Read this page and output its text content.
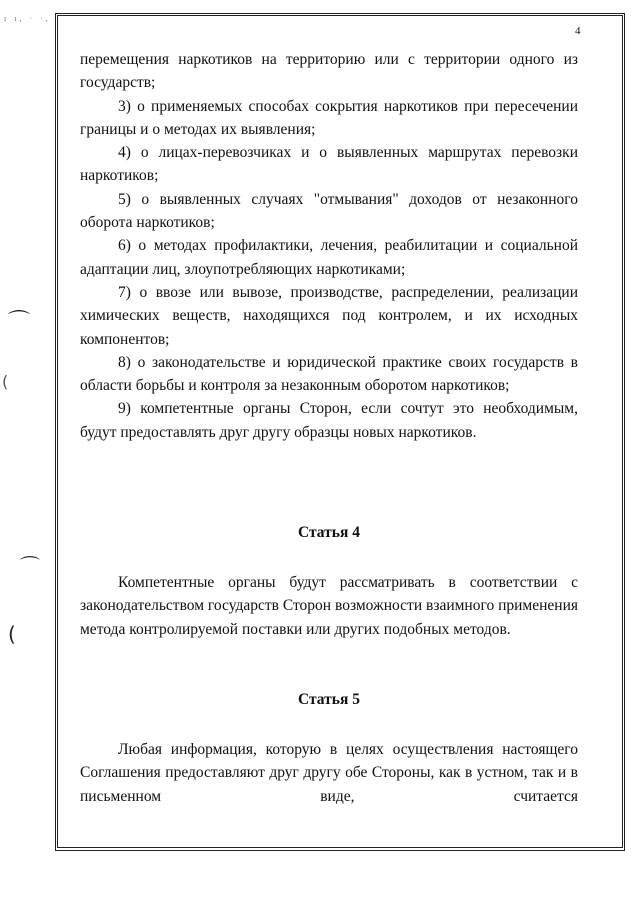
ı ı, · ·,
4
⌒
(
⌒
(

перемещения наркотиков на территорию или с территории одного из государств;

3) о применяемых способах сокрытия наркотиков при пересечении границы и о методах их выявления;

4) о лицах-перевозчиках и о выявленных маршрутах перевозки наркотиков;

5) о выявленных случаях "отмывания" доходов от незаконного оборота наркотиков;

6) о методах профилактики, лечения, реабилитации и социальной адаптации лиц, злоупотребляющих наркотиками;

7) о ввозе или вывозе, производстве, распределении, реализации химических веществ, находящихся под контролем, и их исходных компонентов;

8) о законодательстве и юридической практике своих государств в области борьбы и контроля за незаконным оборотом наркотиков;

9) компетентные органы Сторон, если сочтут это необходимым, будут предоставлять друг другу образцы новых наркотиков.

Статья 4

Компетентные органы будут рассматривать в соответствии с законодательством государств Сторон возможности взаимного применения метода контролируемой поставки или других подобных методов.

Статья 5

Любая информация, которую в целях осуществления настоящего Соглашения предоставляют друг другу обе Стороны, как в устном, так и в письменном виде, считается
